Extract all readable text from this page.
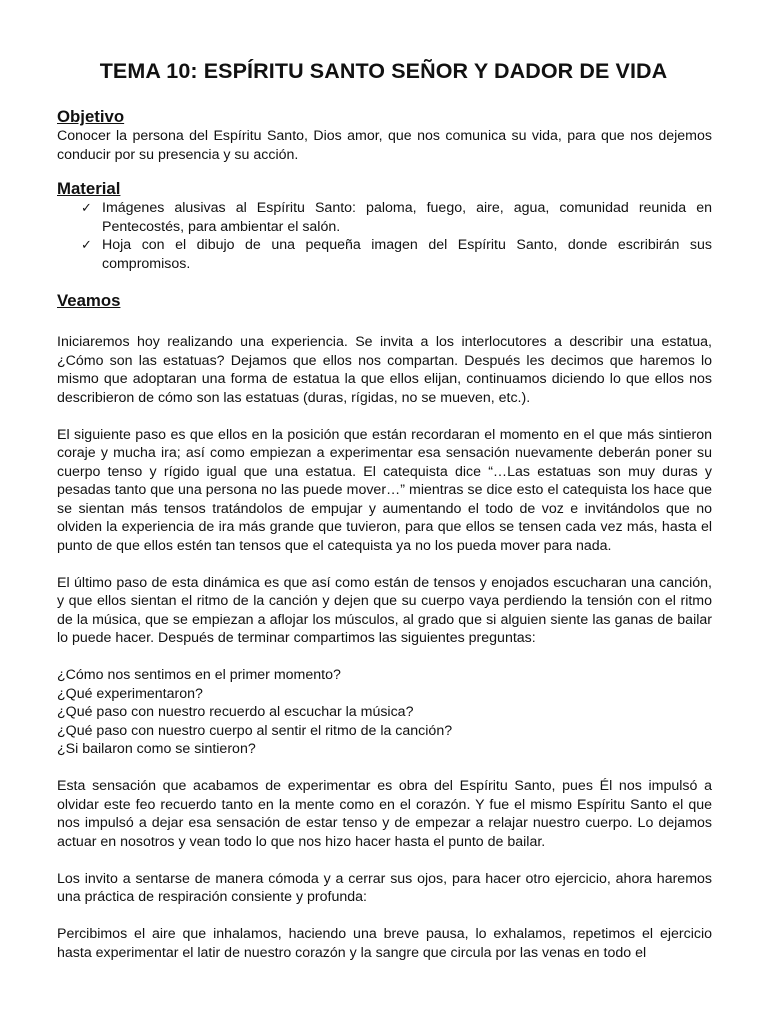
TEMA 10: ESPÍRITU SANTO SEÑOR Y DADOR DE VIDA
Objetivo

Conocer la persona del Espíritu Santo, Dios amor, que nos comunica su vida, para que nos dejemos conducir por su presencia y su acción.

Material
✓ Imágenes alusivas al Espíritu Santo: paloma, fuego, aire, agua, comunidad reunida en Pentecostés, para ambientar el salón.
✓ Hoja con el dibujo de una pequeña imagen del Espíritu Santo, donde escribirán sus compromisos.
Veamos

Iniciaremos hoy realizando una experiencia. Se invita a los interlocutores a describir una estatua, ¿Cómo son las estatuas? Dejamos que ellos nos compartan. Después les decimos que haremos lo mismo que adoptaran una forma de estatua la que ellos elijan, continuamos diciendo lo que ellos nos describieron de cómo son las estatuas (duras, rígidas, no se mueven, etc.).

El siguiente paso es que ellos en la posición que están recordaran el momento en el que más sintieron coraje y mucha ira; así como empiezan a experimentar esa sensación nuevamente deberán poner su cuerpo tenso y rígido igual que una estatua. El catequista dice “…Las estatuas son muy duras y pesadas tanto que una persona no las puede mover…” mientras se dice esto el catequista los hace que se sientan más tensos tratándolos de empujar y aumentando el todo de voz e invitándolos que no olviden la experiencia de ira más grande que tuvieron, para que ellos se tensen cada vez más, hasta el punto de que ellos estén tan tensos que el catequista ya no los pueda mover para nada.

El último paso de esta dinámica es que así como están de tensos y enojados escucharan una canción, y que ellos sientan el ritmo de la canción y dejen que su cuerpo vaya perdiendo la tensión con el ritmo de la música, que se empiezan a aflojar los músculos, al grado que si alguien siente las ganas de bailar lo puede hacer. Después de terminar compartimos las siguientes preguntas:

¿Cómo nos sentimos en el primer momento?
¿Qué experimentaron?
¿Qué paso con nuestro recuerdo al escuchar la música?
¿Qué paso con nuestro cuerpo al sentir el ritmo de la canción?
¿Si bailaron como se sintieron?

Esta sensación que acabamos de experimentar es obra del Espíritu Santo, pues Él nos impulsó a olvidar este feo recuerdo tanto en la mente como en el corazón. Y fue el mismo Espíritu Santo el que nos impulsó a dejar esa sensación de estar tenso y de empezar a relajar nuestro cuerpo. Lo dejamos actuar en nosotros y vean todo lo que nos hizo hacer hasta el punto de bailar.

Los invito a sentarse de manera cómoda y a cerrar sus ojos, para hacer otro ejercicio, ahora haremos una práctica de respiración consiente y profunda:

Percibimos el aire que inhalamos, haciendo una breve pausa, lo exhalamos, repetimos el ejercicio hasta experimentar el latir de nuestro corazón y la sangre que circula por las venas en todo el
